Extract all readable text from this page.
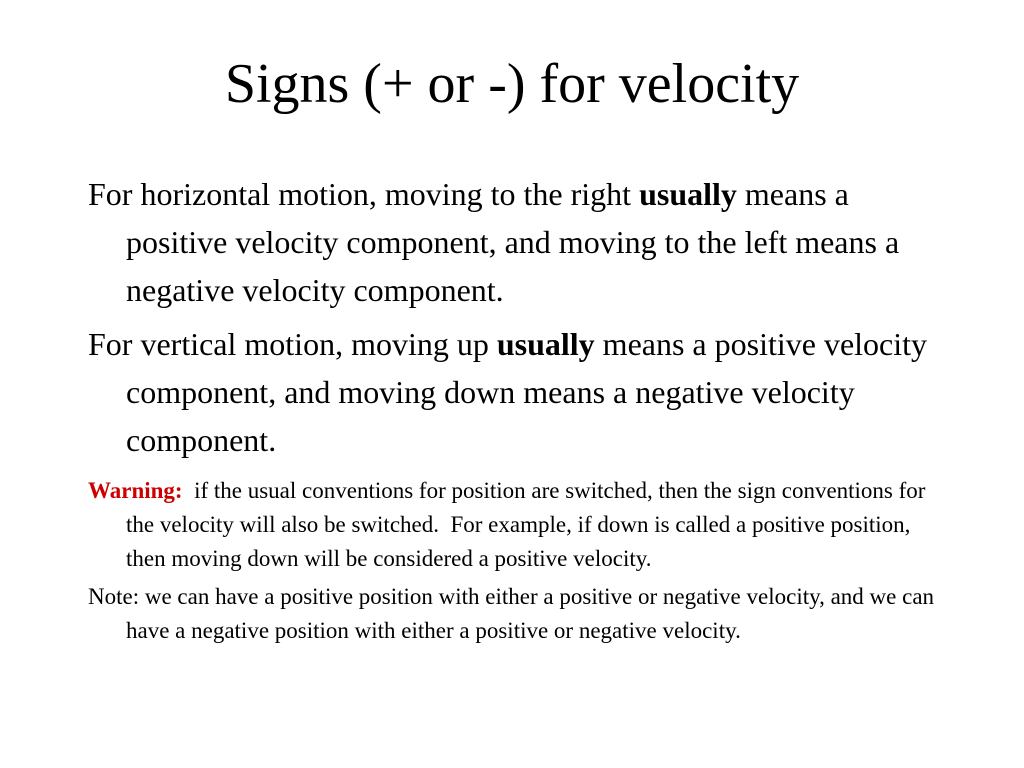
Signs (+ or -) for velocity

For horizontal motion, moving to the right usually means a positive velocity component, and moving to the left means a negative velocity component.

For vertical motion, moving up usually means a positive velocity component, and moving down means a negative velocity component.

Warning:  if the usual conventions for position are switched, then the sign conventions for the velocity will also be switched.  For example, if down is called a positive position, then moving down will be considered a positive velocity.

Note: we can have a positive position with either a positive or negative velocity, and we can have a negative position with either a positive or negative velocity.
